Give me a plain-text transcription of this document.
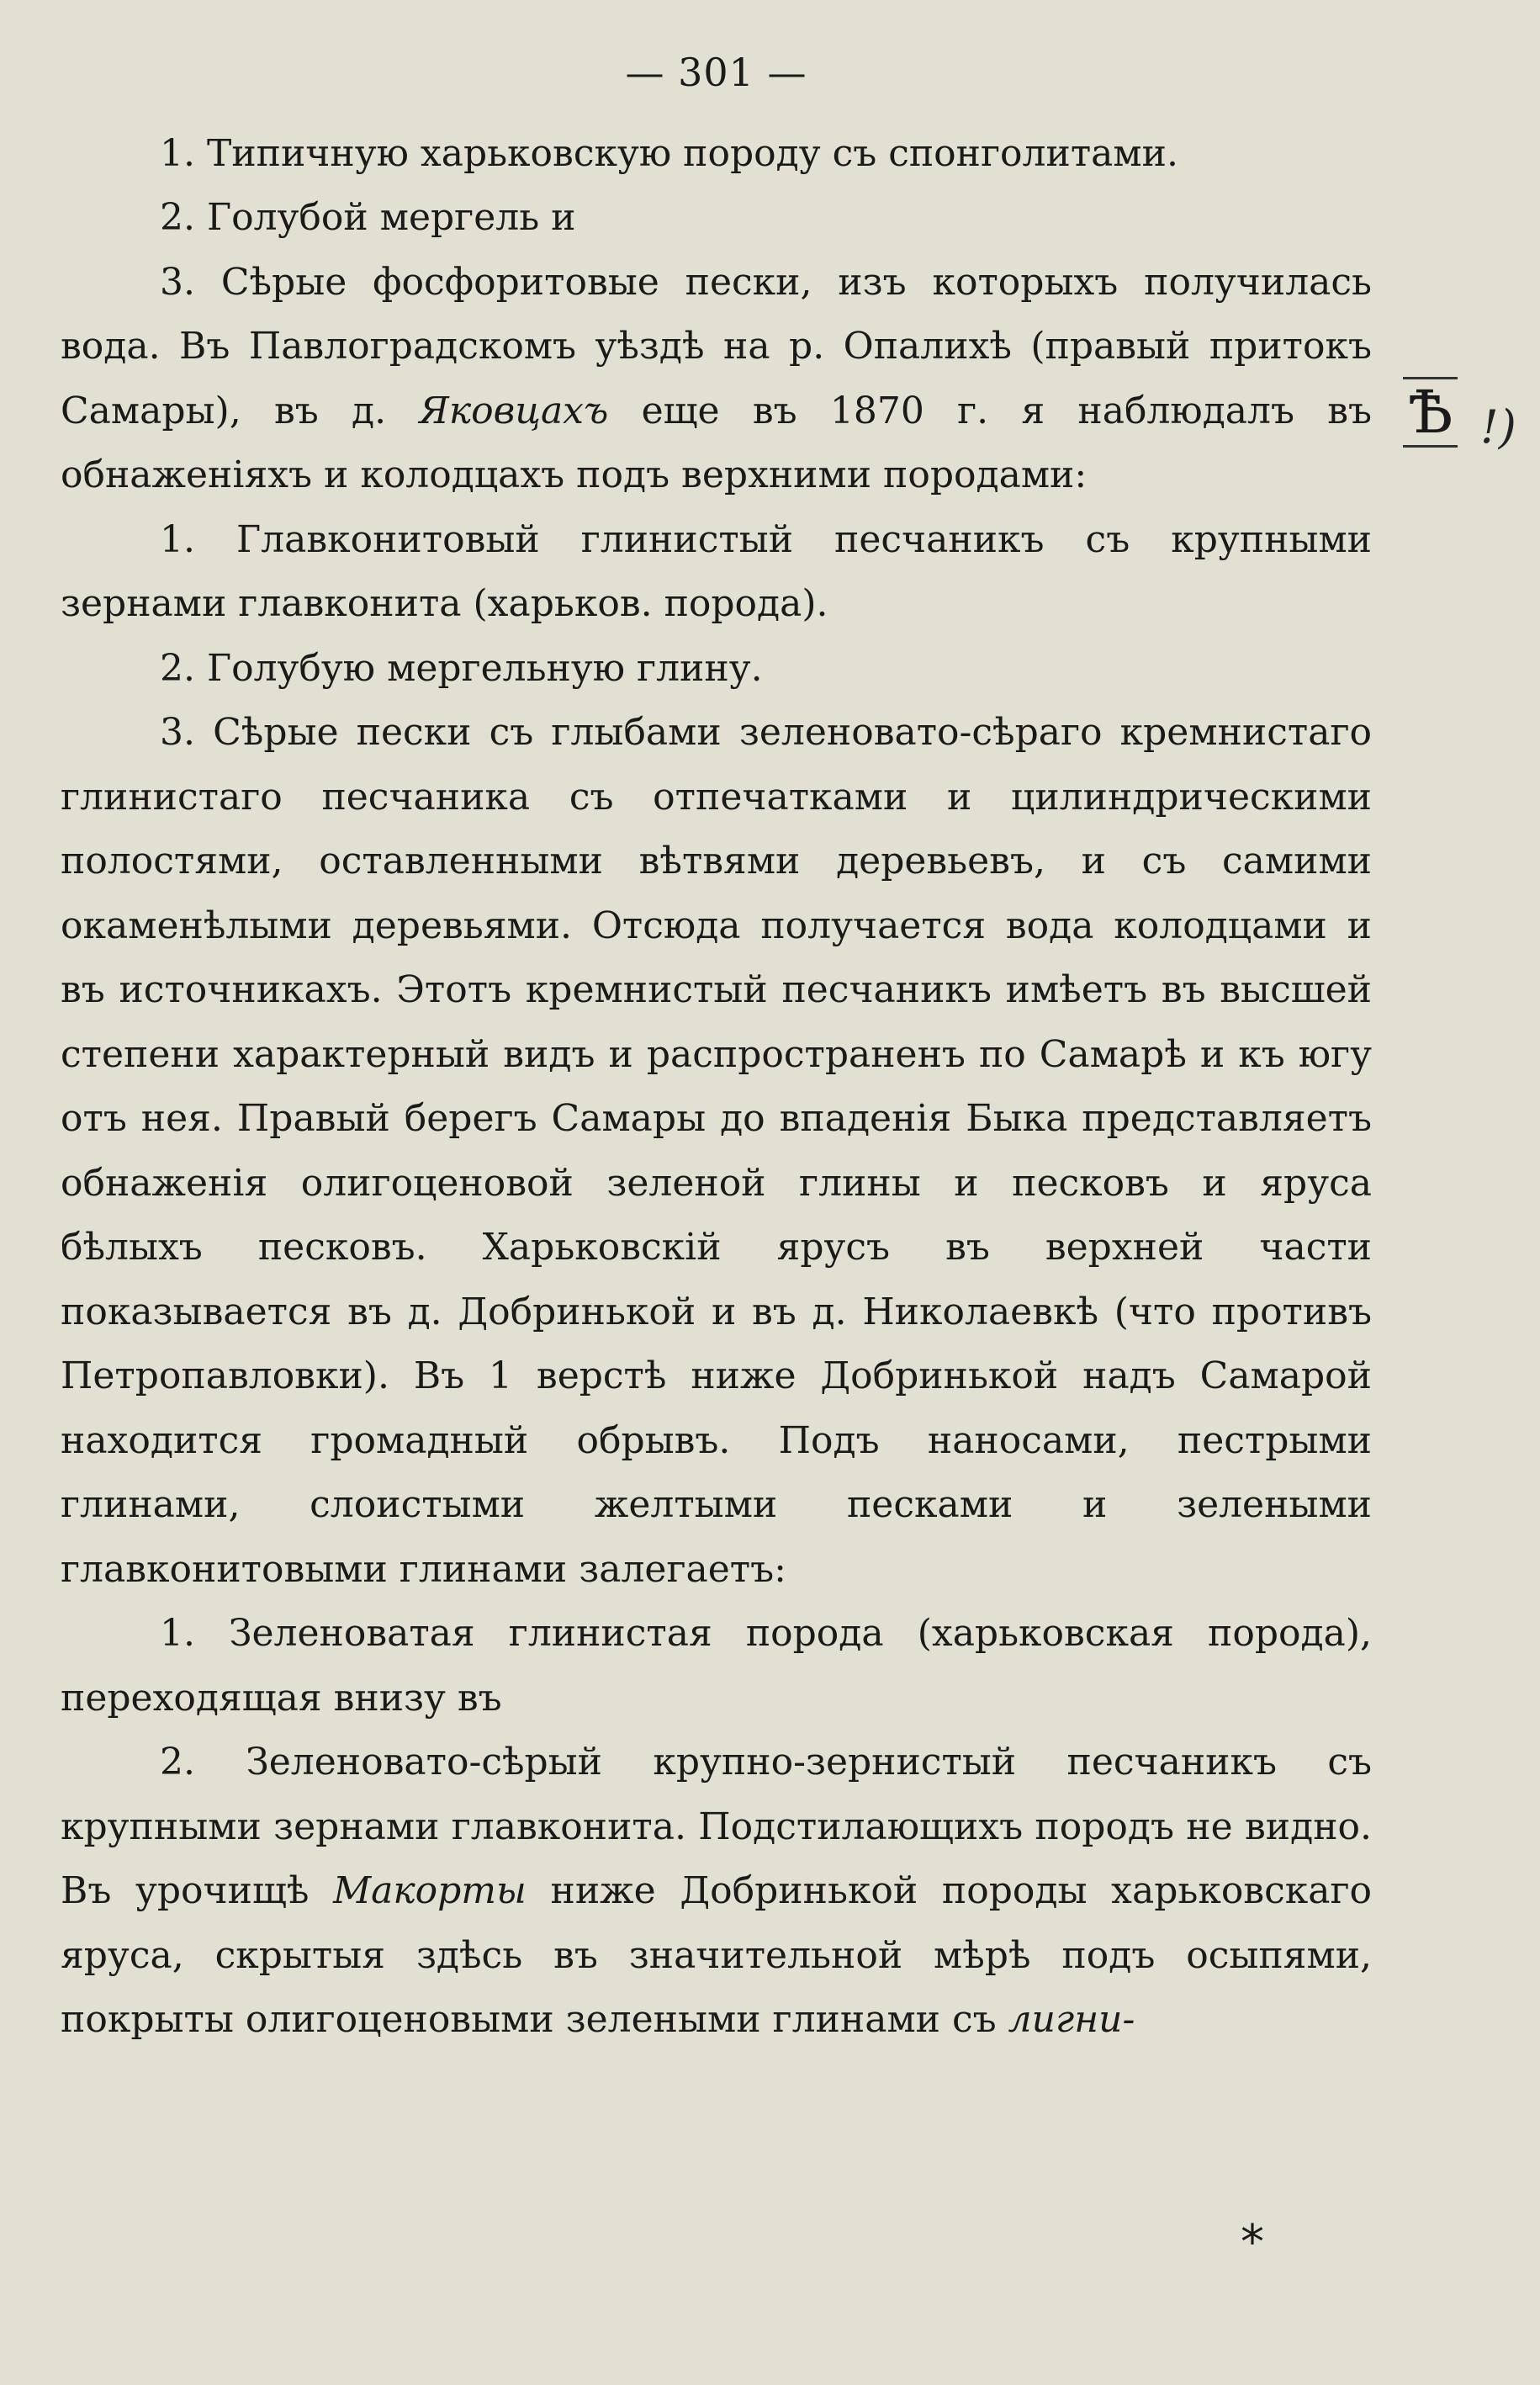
— 301 —

1. Типичную харьковскую породу съ спонголитами.

2. Голубой мергель и

3. Сѣрые фосфоритовые пески, изъ которыхъ получилась вода. Въ Павлоградскомъ уѣздѣ на р. Опалихѣ (правый притокъ Самары), въ д. Яковцахъ еще въ 1870 г. я наблюдалъ въ обнаженіяхъ и колодцахъ подъ верхними породами:

1. Главконитовый глинистый песчаникъ съ крупными зернами главконита (харьков. порода).

2. Голубую мергельную глину.

3. Сѣрые пески съ глыбами зеленовато-сѣраго кремнистаго глинистаго песчаника съ отпечатками и цилиндрическими полостями, оставленными вѣтвями деревьевъ, и съ самими окаменѣлыми деревьями. Отсюда получается вода колодцами и въ источникахъ. Этотъ кремнистый песчаникъ имѣетъ въ высшей степени характерный видъ и распространенъ по Самарѣ и къ югу отъ нея. Правый берегъ Самары до впаденія Быка представляетъ обнаженія олигоценовой зеленой глины и песковъ и яруса бѣлыхъ песковъ. Харьковскій ярусъ въ верхней части показывается въ д. Добринькой и въ д. Николаевкѣ (что противъ Петропавловки). Въ 1 верстѣ ниже Добринькой надъ Самарой находится громадный обрывъ. Подъ наносами, пестрыми глинами, слоистыми желтыми песками и зелеными главконитовыми глинами залегаетъ:

1. Зеленоватая глинистая порода (харьковская порода), переходящая внизу въ

2. Зеленовато-сѣрый крупно-зернистый песчаникъ съ крупными зернами главконита. Подстилающихъ породъ не видно. Въ урочищѣ Макорты ниже Добринькой породы харьковскаго яруса, скрытыя здѣсь въ значительной мѣрѣ подъ осыпями, покрыты олигоценовыми зелеными глинами съ лигни-

Ѣ !)
*
